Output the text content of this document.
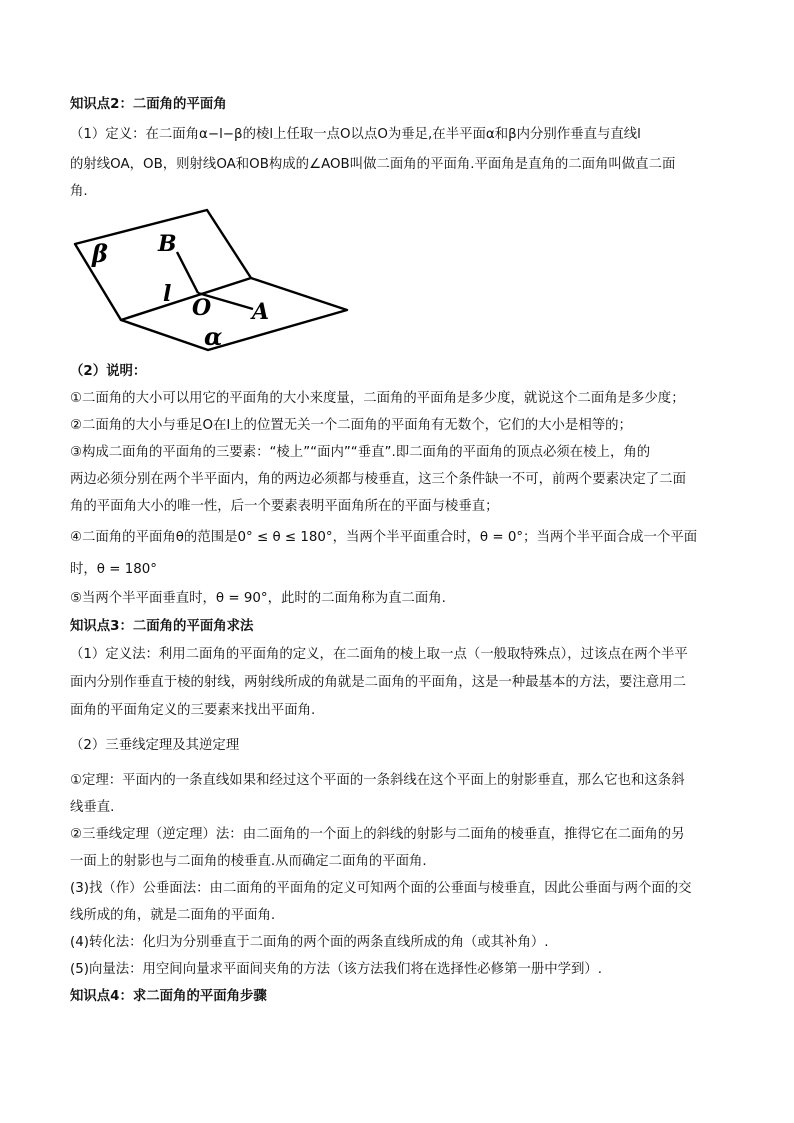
知识点2：二面角的平面角
（1）定义：在二面角α−l−β的棱l上任取一点O以点O为垂足,在半平面α和β内分别作垂直与直线l
的射线OA，OB，则射线OA和OB构成的∠AOB叫做二面角的平面角.平面角是直角的二面角叫做直二面
角.
β B
l
O A
α
（2）说明：
①二面角的大小可以用它的平面角的大小来度量，二面角的平面角是多少度，就说这个二面角是多少度；
②二面角的大小与垂足O在l上的位置无关一个二面角的平面角有无数个，它们的大小是相等的；
③构成二面角的平面角的三要素：“棱上”“面内”“垂直”.即二面角的平面角的顶点必须在棱上，角的
两边必须分别在两个半平面内，角的两边必须都与棱垂直，这三个条件缺一不可，前两个要素决定了二面
角的平面角大小的唯一性，后一个要素表明平面角所在的平面与棱垂直；
④二面角的平面角θ的范围是0° ≤ θ ≤ 180°，当两个半平面重合时，θ = 0°；当两个半平面合成一个平面
时，θ = 180°
⑤当两个半平面垂直时，θ = 90°，此时的二面角称为直二面角.
知识点3：二面角的平面角求法
（1）定义法：利用二面角的平面角的定义，在二面角的棱上取一点（一般取特殊点），过该点在两个半平
面内分别作垂直于棱的射线，两射线所成的角就是二面角的平面角，这是一种最基本的方法，要注意用二
面角的平面角定义的三要素来找出平面角.
（2）三垂线定理及其逆定理
①定理：平面内的一条直线如果和经过这个平面的一条斜线在这个平面上的射影垂直，那么它也和这条斜
线垂直.
②三垂线定理（逆定理）法：由二面角的一个面上的斜线的射影与二面角的棱垂直，推得它在二面角的另
一面上的射影也与二面角的棱垂直.从而确定二面角的平面角.
(3)找（作）公垂面法：由二面角的平面角的定义可知两个面的公垂面与棱垂直，因此公垂面与两个面的交
线所成的角，就是二面角的平面角.
(4)转化法：化归为分别垂直于二面角的两个面的两条直线所成的角（或其补角）.
(5)向量法：用空间向量求平面间夹角的方法（该方法我们将在选择性必修第一册中学到）.
知识点4：求二面角的平面角步骤
